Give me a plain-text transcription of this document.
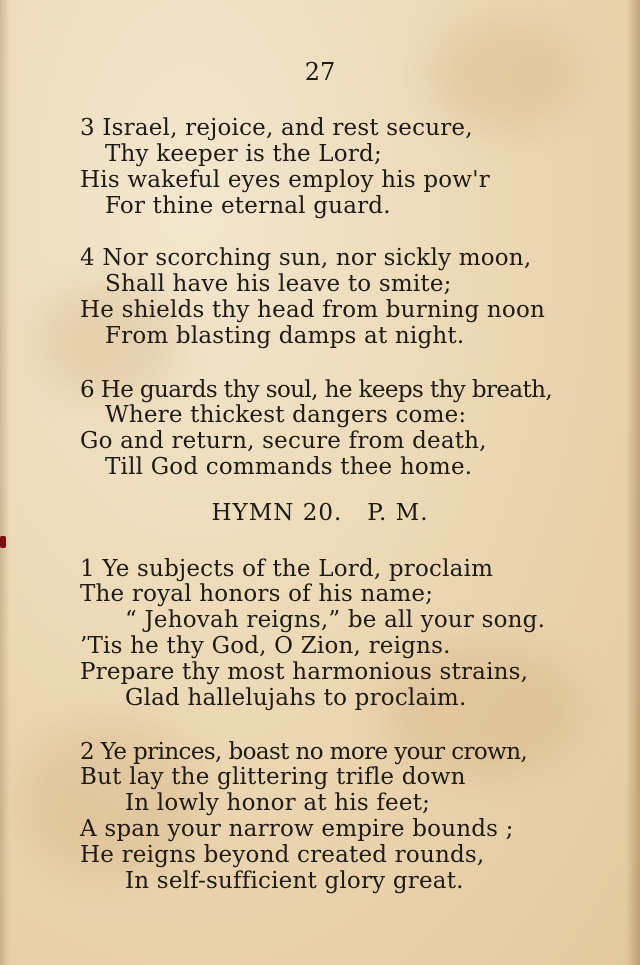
27
3 Israel, rejoice, and rest secure,
Thy keeper is the Lord;
His wakeful eyes employ his pow'r
For thine eternal guard.
4 Nor scorching sun, nor sickly moon,
Shall have his leave to smite;
He shields thy head from burning noon
From blasting damps at night.
6 He guards thy soul, he keeps thy breath,
Where thickest dangers come:
Go and return, secure from death,
Till God commands thee home.
HYMN 20.   P. M.
1 Ye subjects of the Lord, proclaim
The royal honors of his name;
“ Jehovah reigns,” be all your song.
’Tis he thy God, O Zion, reigns.
Prepare thy most harmonious strains,
Glad hallelujahs to proclaim.
2 Ye princes, boast no more your crown,
But lay the glittering trifle down
In lowly honor at his feet;
A span your narrow empire bounds ;
He reigns beyond created rounds,
In self-sufficient glory great.
